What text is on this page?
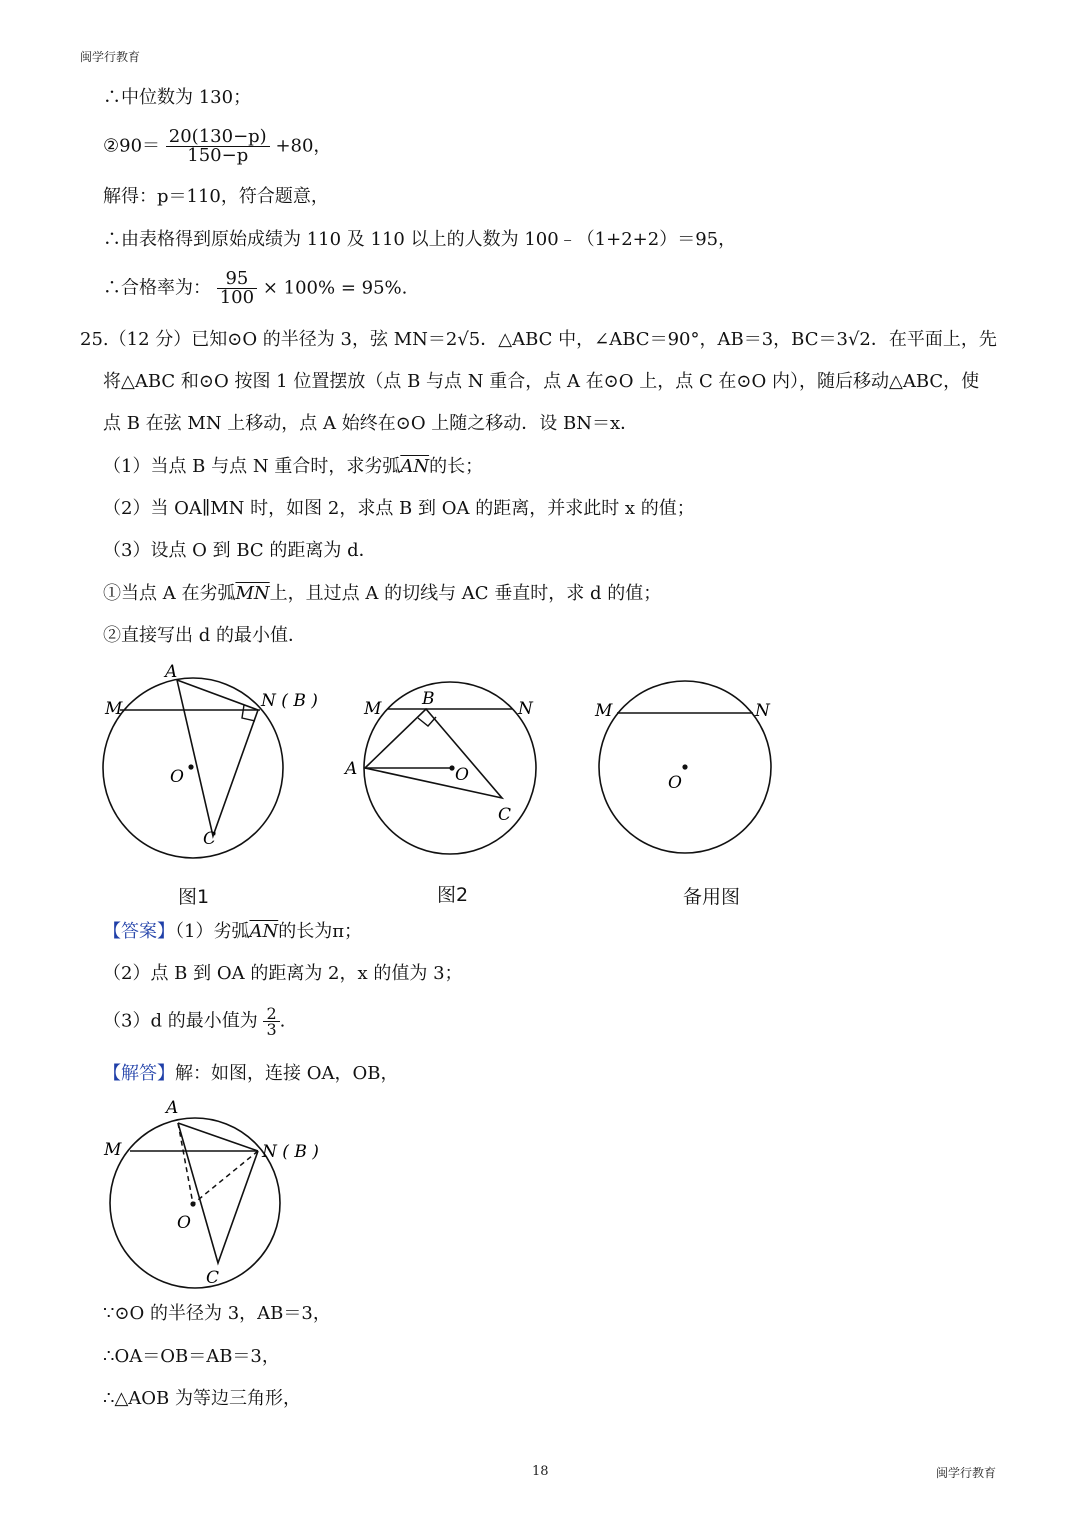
闽学行教育
18	闽学行教育
∴中位数为 130；
②90＝ $\frac{20(130-p)}{150-p} +80$，
解得：p＝110，符合题意，
∴由表格得到原始成绩为 110 及 110 以上的人数为 100﹣（1+2+2）＝95，
∴合格率为： $\frac{95}{100} \times 100\% = 95\%$.
25.（12 分）已知⊙O 的半径为 3，弦 MN＝2√5．△ABC 中，∠ABC＝90°，AB＝3，BC＝3√2．在平面上，先
将△ABC 和⊙O 按图 1 位置摆放（点 B 与点 N 重合，点 A 在⊙O 上，点 C 在⊙O 内），随后移动△ABC，使
点 B 在弦 MN 上移动，点 A 始终在⊙O 上随之移动．设 BN＝x．
（1）当点 B 与点 N 重合时，求劣弧$\overline{AN}$的长；
（2）当 OA∥MN 时，如图 2，求点 B 到 OA 的距离，并求此时 x 的值；
（3）设点 O 到 BC 的距离为 d．
①当点 A 在劣弧$\overline{MN}$上，且过点 A 的切线与 AC 垂直时，求 d 的值；
②直接写出 d 的最小值．
A
M	N ( B )
O
C
M B	N
A	O
C
M	N
O
图1	图2	备用图
【答案】（1）劣弧$\overline{AN}$的长为π；
（2）点 B 到 OA 的距离为 2，x 的值为 3；
（3）d 的最小值为 $\frac{2}{3}$ .
【解答】解：如图，连接 OA，OB，
A
M	N ( B )
O
C
∵⊙O 的半径为 3，AB＝3，
∴OA＝OB＝AB＝3，
∴△AOB 为等边三角形，
